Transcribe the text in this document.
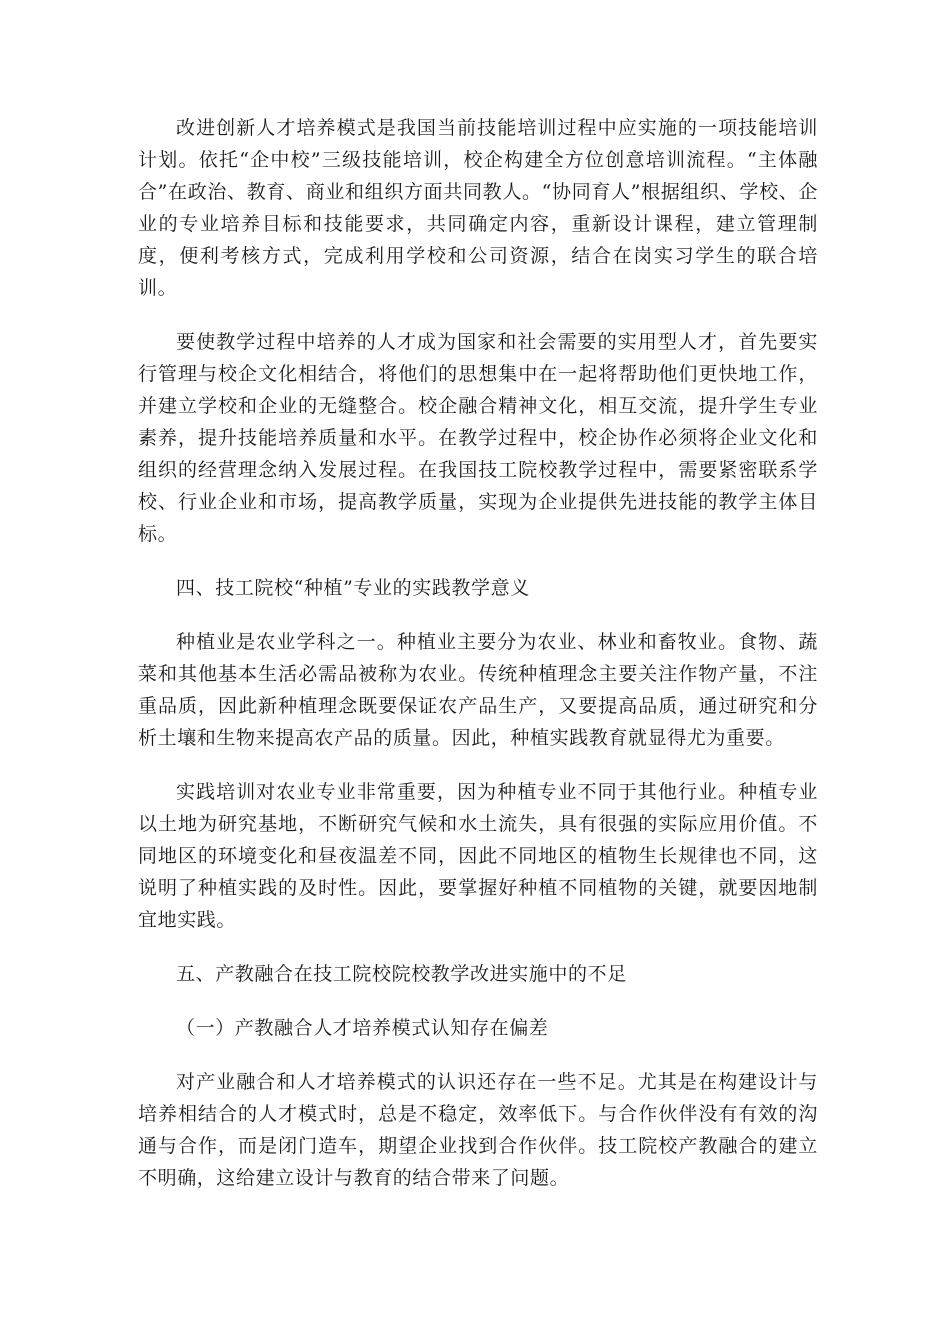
改进创新人才培养模式是我国当前技能培训过程中应实施的一项技能培训计划。依托“企中校”三级技能培训，校企构建全方位创意培训流程。“主体融合”在政治、教育、商业和组织方面共同教人。“协同育人”根据组织、学校、企业的专业培养目标和技能要求，共同确定内容，重新设计课程，建立管理制度，便利考核方式，完成利用学校和公司资源，结合在岗实习学生的联合培训。

要使教学过程中培养的人才成为国家和社会需要的实用型人才，首先要实行管理与校企文化相结合，将他们的思想集中在一起将帮助他们更快地工作，并建立学校和企业的无缝整合。校企融合精神文化，相互交流，提升学生专业素养，提升技能培养质量和水平。在教学过程中，校企协作必须将企业文化和组织的经营理念纳入发展过程。在我国技工院校教学过程中，需要紧密联系学校、行业企业和市场，提高教学质量，实现为企业提供先进技能的教学主体目标。

四、技工院校“种植”专业的实践教学意义

种植业是农业学科之一。种植业主要分为农业、林业和畜牧业。食物、蔬菜和其他基本生活必需品被称为农业。传统种植理念主要关注作物产量，不注重品质，因此新种植理念既要保证农产品生产，又要提高品质，通过研究和分析土壤和生物来提高农产品的质量。因此，种植实践教育就显得尤为重要。

实践培训对农业专业非常重要，因为种植专业不同于其他行业。种植专业以土地为研究基地，不断研究气候和水土流失，具有很强的实际应用价值。不同地区的环境变化和昼夜温差不同，因此不同地区的植物生长规律也不同，这说明了种植实践的及时性。因此，要掌握好种植不同植物的关键，就要因地制宜地实践。

五、产教融合在技工院校院校教学改进实施中的不足

（一）产教融合人才培养模式认知存在偏差

对产业融合和人才培养模式的认识还存在一些不足。尤其是在构建设计与培养相结合的人才模式时，总是不稳定，效率低下。与合作伙伴没有有效的沟通与合作，而是闭门造车，期望企业找到合作伙伴。技工院校产教融合的建立不明确，这给建立设计与教育的结合带来了问题。
